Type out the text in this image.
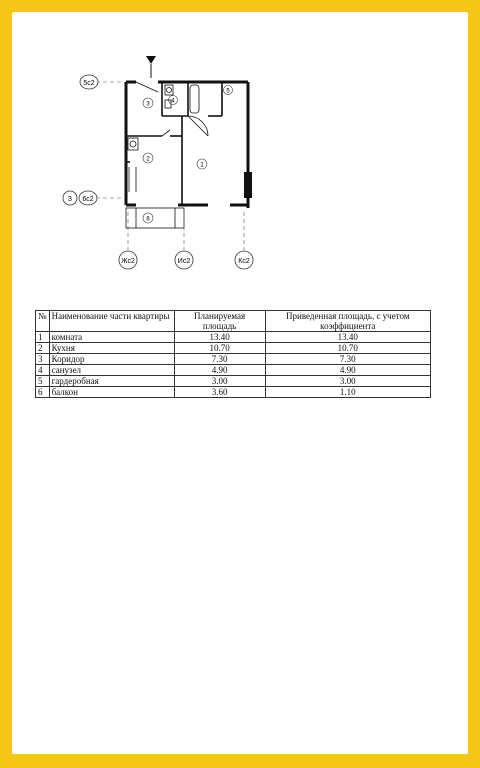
5с2
3 6с2
Жс2	Ис2	Кс2
3	4
5
2
1
6
№	Наименование части квартиры	Планируемая площадь	Приведенная площадь, с учетом коэффициента
1	комната	13.40	13.40
2	Кухня	10.70	10.70
3	Коридор	7.30	7.30
4	санузел	4.90	4.90
5	гардеробная	3.00	3.00
6	балкон	3.60	1.10
